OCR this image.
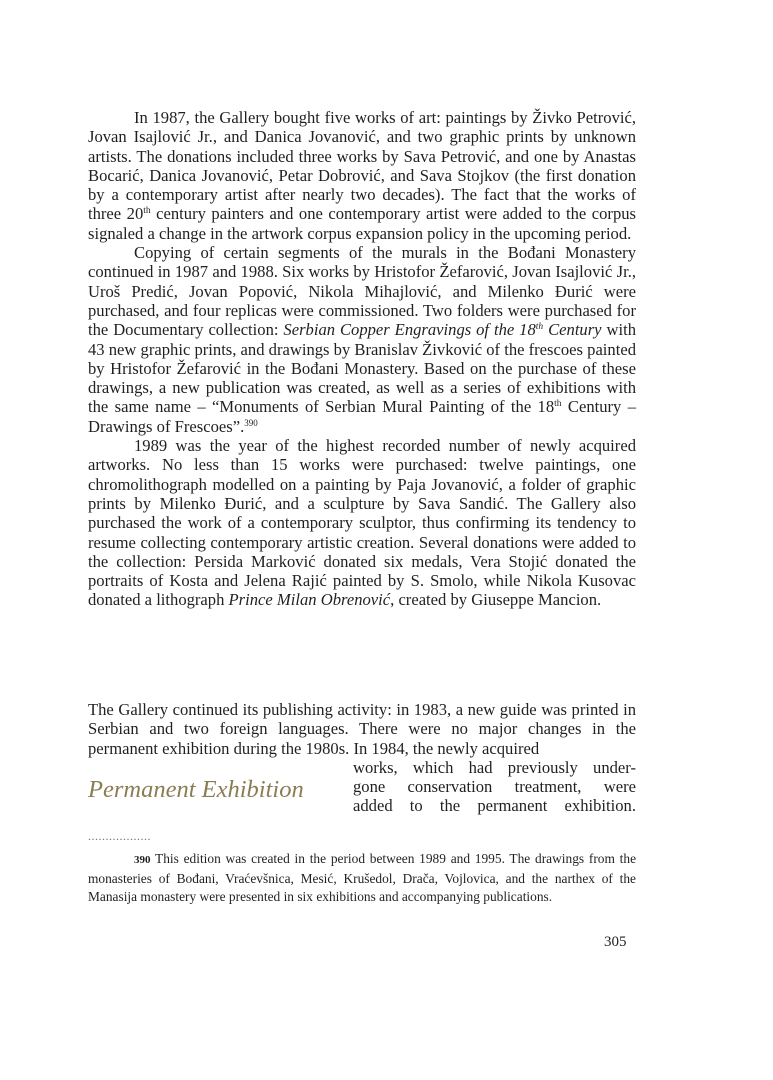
In 1987, the Gallery bought five works of art: paintings by Živko Petrović, Jovan Isajlović Jr., and Danica Jovanović, and two graphic prints by unknown artists. The donations included three works by Sava Petrović, and one by Anastas Bocarić, Danica Jovanović, Petar Dobrović, and Sava Stojkov (the first donation by a contemporary artist after nearly two decades). The fact that the works of three 20th century painters and one contemporary artist were added to the corpus signaled a change in the artwork corpus expansion policy in the upcoming period.

Copying of certain segments of the murals in the Bođani Monastery continued in 1987 and 1988. Six works by Hristofor Žefarović, Jovan Isajlović Jr., Uroš Predić, Jovan Popović, Nikola Mihajlović, and Milenko Đurić were purchased, and four replicas were commissioned. Two folders were purchased for the Documentary collection: Serbian Copper Engravings of the 18th Century with 43 new graphic prints, and drawings by Branislav Živković of the frescoes painted by Hristofor Žefarović in the Bođani Monastery. Based on the purchase of these drawings, a new publication was created, as well as a series of exhibitions with the same name – “Monuments of Serbian Mural Painting of the 18th Century – Drawings of Frescoes”.$^{390}$

1989 was the year of the highest recorded number of newly acquired artworks. No less than 15 works were purchased: twelve paintings, one chromolithograph modelled on a painting by Paja Jovanović, a folder of graphic prints by Milenko Đurić, and a sculpture by Sava Sandić. The Gallery also purchased the work of a contemporary sculptor, thus confirming its tendency to resume collecting contemporary artistic creation. Several donations were added to the collection: Persida Marković donated six medals, Vera Stojić donated the portraits of Kosta and Jelena Rajić painted by S. Smolo, while Nikola Kusovac donated a lithograph Prince Milan Obrenović, created by Giuseppe Mancion.

The Gallery continued its publishing activity: in 1983, a new guide was printed in Serbian and two foreign languages. There were no major changes in the permanent exhibition during the 1980s. In 1984, the newly acquired

works, which had previously under-
gone conservation treatment, were
added to the permanent exhibition.
Permanent Exhibition
..................
390 This edition was created in the period between 1989 and 1995. The drawings from the monasteries of Bođani, Vraćevšnica, Mesić, Krušedol, Drača, Vojlovica, and the narthex of the Manasija monastery were presented in six exhibitions and accompanying publications.
305
